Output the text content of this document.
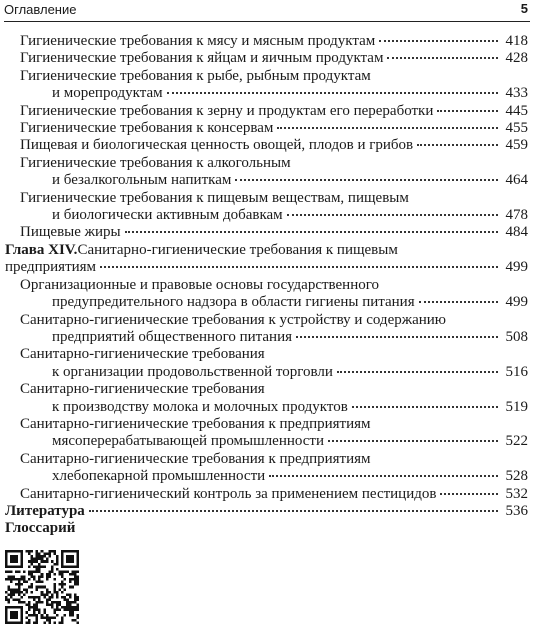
Оглавление	5
Гигиенические требования к мясу и мясным продуктам	418
Гигиенические требования к яйцам и яичным продуктам	428
Гигиенические требования к рыбе, рыбным продуктам
и морепродуктам	433
Гигиенические требования к зерну и продуктам его переработки	445
Гигиенические требования к консервам	455
Пищевая и биологическая ценность овощей, плодов и грибов	459
Гигиенические требования к алкогольным
и безалкогольным напиткам	464
Гигиенические требования к пищевым веществам, пищевым
и биологически активным добавкам	478
Пищевые жиры	484
Глава XIV. Санитарно-гигиенические требования к пищевым
предприятиям	499
Организационные и правовые основы государственного
предупредительного надзора в области гигиены питания	499
Санитарно-гигиенические требования к устройству и содержанию
предприятий общественного питания	508
Санитарно-гигиенические требования
к организации продовольственной торговли	516
Санитарно-гигиенические требования
к производству молока и молочных продуктов	519
Санитарно-гигиенические требования к предприятиям
мясоперерабатывающей промышленности	522
Санитарно-гигиенические требования к предприятиям
хлебопекарной промышленности	528
Санитарно-гигиенический контроль за применением пестицидов	532
Литература	536
Глоссарий
